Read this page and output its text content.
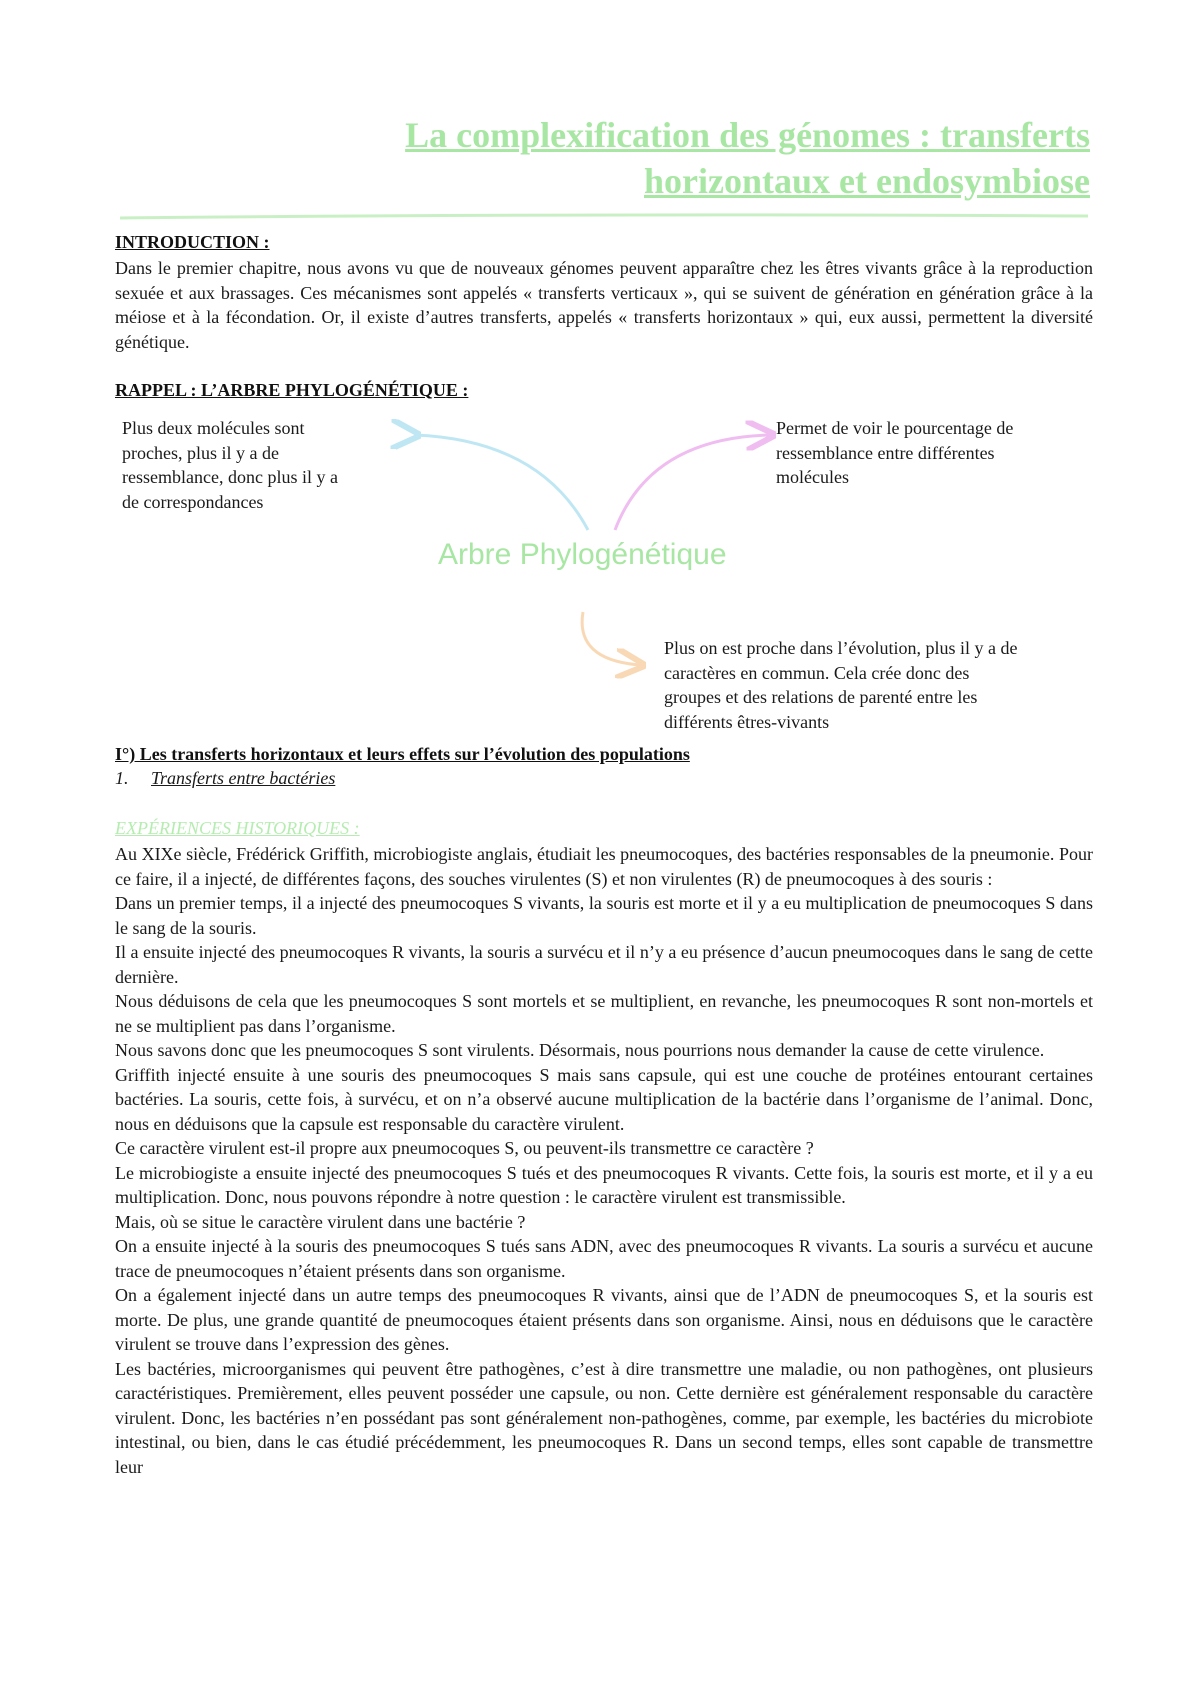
La complexification des génomes : transferts
horizontaux et endosymbiose
INTRODUCTION :

Dans le premier chapitre, nous avons vu que de nouveaux génomes peuvent apparaître chez les êtres vivants grâce à la reproduction sexuée et aux brassages. Ces mécanismes sont appelés « transferts verticaux », qui se suivent de génération en génération grâce à la méiose et à la fécondation. Or, il existe d’autres transferts, appelés « transferts horizontaux » qui, eux aussi, permettent la diversité génétique.

RAPPEL : L’ARBRE PHYLOGÉNÉTIQUE :
Plus deux molécules sont
proches, plus il y a de
ressemblance, donc plus il y a
de correspondances
Permet de voir le pourcentage de
ressemblance entre différentes
molécules
Arbre Phylogénétique
Plus on est proche dans l’évolution, plus il y a de
caractères en commun. Cela crée donc des
groupes et des relations de parenté entre les
différents êtres-vivants
I°) Les transferts horizontaux et leurs effets sur l’évolution des populations
1. Transferts entre bactéries
EXPÉRIENCES HISTORIQUES :

Au XIXe siècle, Frédérick Griffith, microbiogiste anglais, étudiait les pneumocoques, des bactéries responsables de la pneumonie. Pour ce faire, il a injecté, de différentes façons, des souches virulentes (S) et non virulentes (R) de pneumocoques à des souris :

Dans un premier temps, il a injecté des pneumocoques S vivants, la souris est morte et il y a eu multiplication de pneumocoques S dans le sang de la souris.

Il a ensuite injecté des pneumocoques R vivants, la souris a survécu et il n’y a eu présence d’aucun pneumocoques dans le sang de cette dernière.

Nous déduisons de cela que les pneumocoques S sont mortels et se multiplient, en revanche, les pneumocoques R sont non-mortels et ne se multiplient pas dans l’organisme.

Nous savons donc que les pneumocoques S sont virulents. Désormais, nous pourrions nous demander la cause de cette virulence.

Griffith injecté ensuite à une souris des pneumocoques S mais sans capsule, qui est une couche de protéines entourant certaines bactéries. La souris, cette fois, à survécu, et on n’a observé aucune multiplication de la bactérie dans l’organisme de l’animal. Donc, nous en déduisons que la capsule est responsable du caractère virulent.

Ce caractère virulent est-il propre aux pneumocoques S, ou peuvent-ils transmettre ce caractère ?

Le microbiogiste a ensuite injecté des pneumocoques S tués et des pneumocoques R vivants. Cette fois, la souris est morte, et il y a eu multiplication. Donc, nous pouvons répondre à notre question : le caractère virulent est transmissible.

Mais, où se situe le caractère virulent dans une bactérie ?

On a ensuite injecté à la souris des pneumocoques S tués sans ADN, avec des pneumocoques R vivants. La souris a survécu et aucune trace de pneumocoques n’étaient présents dans son organisme.

On a également injecté dans un autre temps des pneumocoques R vivants, ainsi que de l’ADN de pneumocoques S, et la souris est morte. De plus, une grande quantité de pneumocoques étaient présents dans son organisme. Ainsi, nous en déduisons que le caractère virulent se trouve dans l’expression des gènes.

Les bactéries, microorganismes qui peuvent être pathogènes, c’est à dire transmettre une maladie, ou non pathogènes, ont plusieurs caractéristiques. Premièrement, elles peuvent posséder une capsule, ou non. Cette dernière est généralement responsable du caractère virulent. Donc, les bactéries n’en possédant pas sont généralement non-pathogènes, comme, par exemple, les bactéries du microbiote intestinal, ou bien, dans le cas étudié précédemment, les pneumocoques R. Dans un second temps, elles sont capable de transmettre leur
